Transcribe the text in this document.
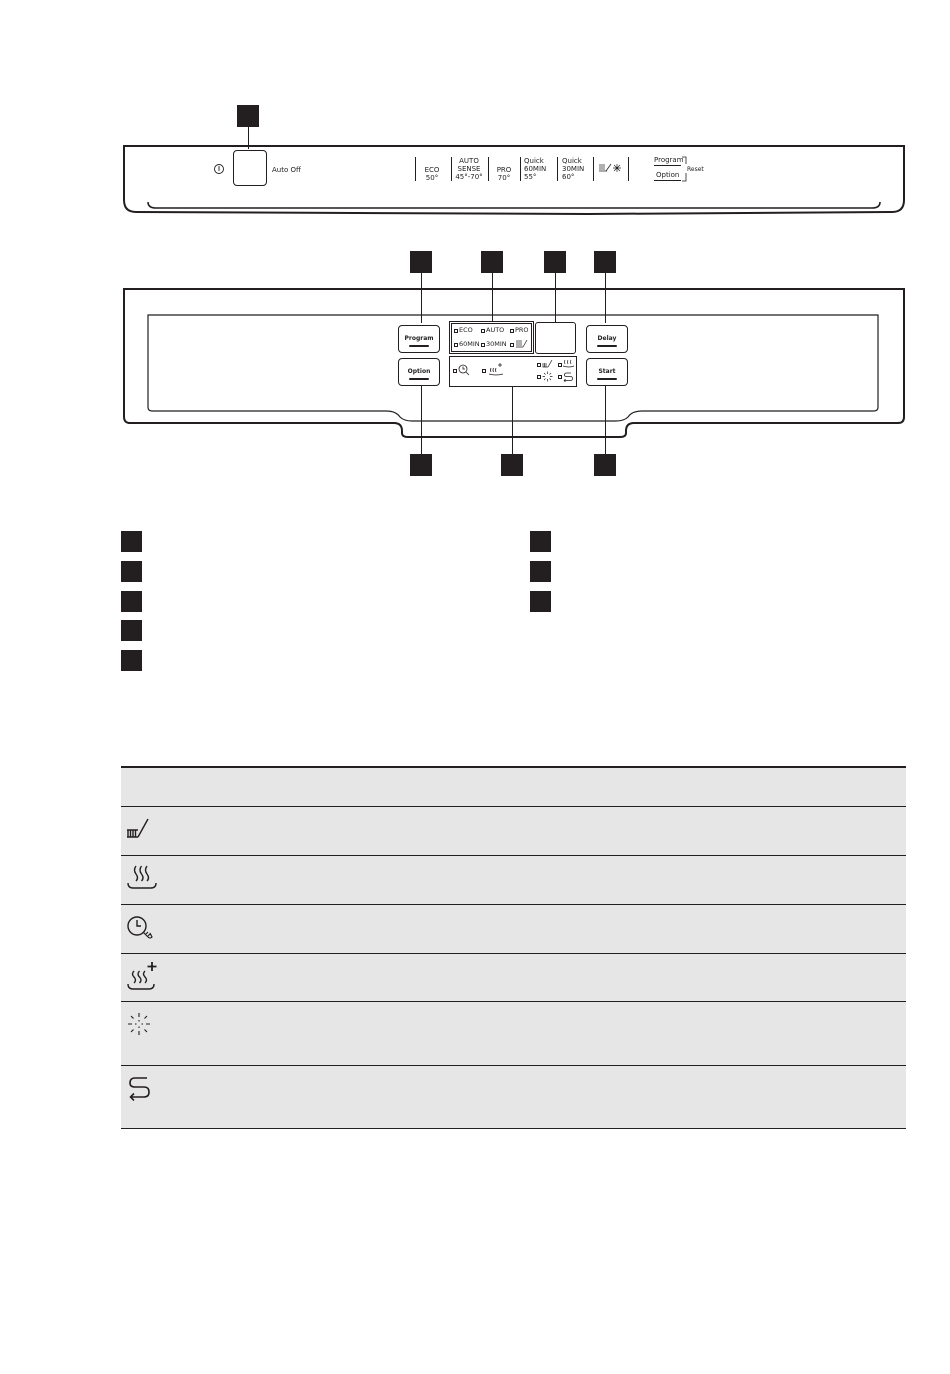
Auto Off	ECO
50°
AUTO
SENSE
45°-70°
PRO
70°
Quick
60MIN
55°
Quick
30MIN
60°
Program
Option
Reset
Program
Option
Delay
Start
ECO AUTO PRO
60MIN 30MIN
